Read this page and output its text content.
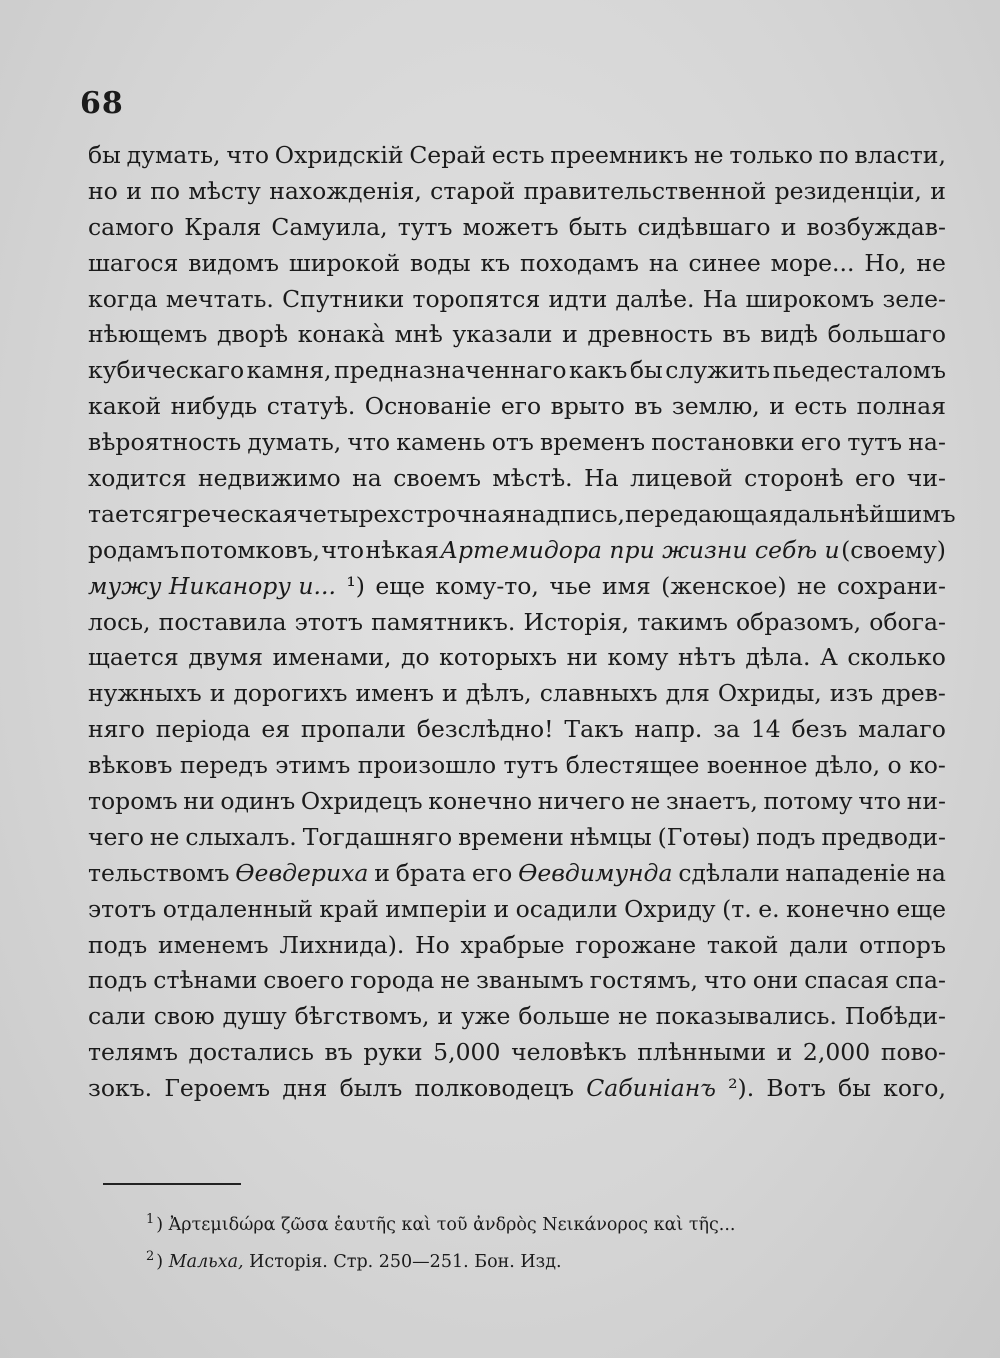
68
бы думать, что Охридскій Серай есть преемникъ не только по власти,
но и по мѣсту нахожденія, старой правительственной резиденціи, и
самого Краля Самуила, тутъ можетъ быть сидѣвшаго и возбуждав-
шагося видомъ широкой воды къ походамъ на синее море... Но, не
когда мечтать. Спутники торопятся идти далѣе. На широкомъ зеле-
нѣющемъ дворѣ конака̀ мнѣ указали и древность въ видѣ большаго
кубическаго камня, предназначеннаго какъ бы служить пьедесталомъ
какой нибудь статуѣ. Основаніе его врыто въ землю, и есть полная
вѣроятность думать, что камень отъ временъ постановки его тутъ на-
ходится недвижимо на своемъ мѣстѣ. На лицевой сторонѣ его чи-
тается греческая четырехстрочная надпись, передающая дальнѣйшимъ
родамъ потомковъ, что нѣкая Артемидора при жизни себѣ и (своему)
мужу Никанору и... ¹) еще кому-то, чье имя (женское) не сохрани-
лось, поставила этотъ памятникъ. Исторія, такимъ образомъ, обога-
щается двумя именами, до которыхъ ни кому нѣтъ дѣла. А сколько
нужныхъ и дорогихъ именъ и дѣлъ, славныхъ для Охриды, изъ древ-
няго періода ея пропали безслѣдно! Такъ напр. за 14 безъ малаго
вѣковъ передъ этимъ произошло тутъ блестящее военное дѣло, о ко-
торомъ ни одинъ Охридецъ конечно ничего не знаетъ, потому что ни-
чего не слыхалъ. Тогдашняго времени нѣмцы (Готѳы) подъ предводи-
тельствомъ Ѳевдериха и брата его Ѳевдимунда сдѣлали нападеніе на
этотъ отдаленный край имперіи и осадили Охриду (т. е. конечно еще
подъ именемъ Лихнида). Но храбрые горожане такой дали отпоръ
подъ стѣнами своего города не званымъ гостямъ, что они спасая спа-
сали свою душу бѣгствомъ, и уже больше не показывались. Побѣди-
телямъ достались въ руки 5,000 человѣкъ плѣнными и 2,000 пово-
зокъ. Героемъ дня былъ полководецъ Сабиніанъ ²). Вотъ бы кого,
$^1$ ) Ἀρτεμιδώρα ζῶσα ἑαυτῆς καὶ τοῦ ἀνδρὸς Νεικάνορος καὶ τῆς...
$^2$ ) Мальха, Исторія. Стр. 250—251. Бон. Изд.
